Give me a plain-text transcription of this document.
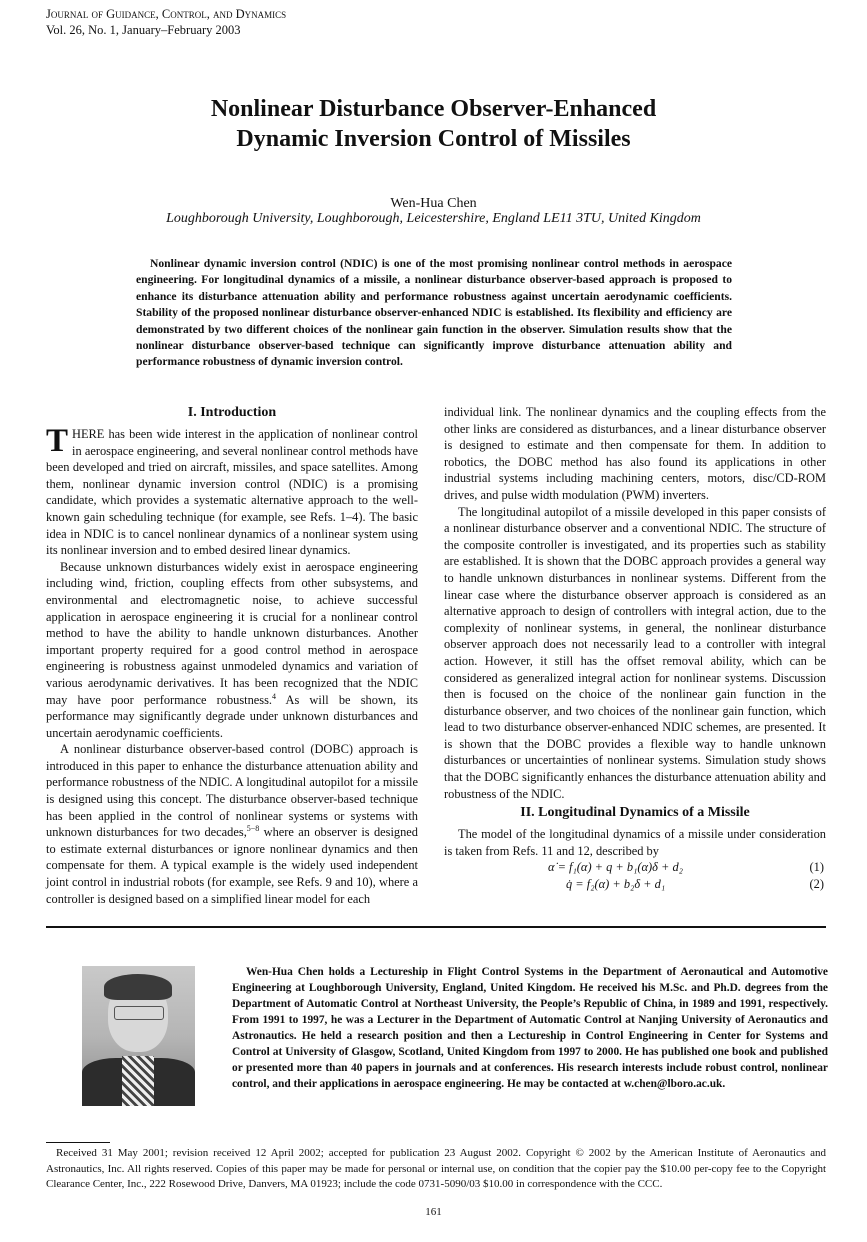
Journal of Guidance, Control, and Dynamics
Vol. 26, No. 1, January–February 2003
Nonlinear Disturbance Observer-Enhanced
Dynamic Inversion Control of Missiles
Wen-Hua Chen
Loughborough University, Loughborough, Leicestershire, England LE11 3TU, United Kingdom
Nonlinear dynamic inversion control (NDIC) is one of the most promising nonlinear control methods in aerospace engineering. For longitudinal dynamics of a missile, a nonlinear disturbance observer-based approach is proposed to enhance its disturbance attenuation ability and performance robustness against uncertain aerodynamic coefficients. Stability of the proposed nonlinear disturbance observer-enhanced NDIC is established. Its flexibility and efficiency are demonstrated by two different choices of the nonlinear gain function in the observer. Simulation results show that the nonlinear disturbance observer-based technique can significantly improve disturbance attenuation ability and performance robustness of dynamic inversion control.
I. Introduction

THERE has been wide interest in the application of nonlinear control in aerospace engineering, and several nonlinear control methods have been developed and tried on aircraft, missiles, and space satellites. Among them, nonlinear dynamic inversion control (NDIC) is a promising candidate, which provides a systematic alternative approach to the well-known gain scheduling technique (for example, see Refs. 1–4). The basic idea in NDIC is to cancel nonlinear dynamics of a nonlinear system using its nonlinear inversion and to embed desired linear dynamics.

Because unknown disturbances widely exist in aerospace engineering including wind, friction, coupling effects from other subsystems, and environmental and electromagnetic noise, to achieve successful application in aerospace engineering it is crucial for a nonlinear control method to have the ability to handle unknown disturbances. Another important property required for a good control method in aerospace engineering is robustness against unmodeled dynamics and variation of various aerodynamic derivatives. It has been recognized that the NDIC may have poor performance robustness.$^4$ As will be shown, its performance may significantly degrade under unknown disturbances and uncertain aerodynamic coefficients.

A nonlinear disturbance observer-based control (DOBC) approach is introduced in this paper to enhance the disturbance attenuation ability and performance robustness of the NDIC. A longitudinal autopilot for a missile is designed using this concept. The disturbance observer-based technique has been applied in the control of nonlinear systems or systems with unknown disturbances for two decades,$^{5-8}$ where an observer is designed to estimate external disturbances or ignore nonlinear dynamics and then compensate for them. A typical example is the widely used independent joint control in industrial robots (for example, see Refs. 9 and 10), where a controller is designed based on a simplified linear model for each

individual link. The nonlinear dynamics and the coupling effects from the other links are considered as disturbances, and a linear disturbance observer is designed to estimate and then compensate for them. In addition to robotics, the DOBC method has also found its applications in other industrial systems including machining centers, motors, disc/CD-ROM drives, and pulse width modulation (PWM) inverters.

The longitudinal autopilot of a missile developed in this paper consists of a nonlinear disturbance observer and a conventional NDIC. The structure of the composite controller is investigated, and its properties such as stability are established. It is shown that the DOBC approach provides a general way to handle unknown disturbances in nonlinear systems. Different from the linear case where the disturbance observer approach is considered as an alternative approach to design of controllers with integral action, due to the complexity of nonlinear systems, in general, the nonlinear disturbance observer approach does not necessarily lead to a controller with integral action. However, it still has the offset removal ability, which can be considered as generalized integral action for nonlinear systems. Discussion then is focused on the choice of the nonlinear gain function in the disturbance observer, and two choices of the nonlinear gain function, which lead to two disturbance observer-enhanced NDIC schemes, are presented. It is shown that the DOBC provides a flexible way to handle unknown disturbances or uncertainties of nonlinear systems. Simulation study shows that the DOBC significantly enhances the disturbance attenuation ability and robustness of the NDIC.

II. Longitudinal Dynamics of a Missile

The model of the longitudinal dynamics of a missile under consideration is taken from Refs. 11 and 12, described by

α̇ = f₁(α) + q + b₁(α)δ + d₂	(1)
q̇ = f₂(α) + b₂δ + d₁	(2)
Wen-Hua Chen holds a Lectureship in Flight Control Systems in the Department of Aeronautical and Automotive Engineering at Loughborough University, England, United Kingdom. He received his M.Sc. and Ph.D. degrees from the Department of Automatic Control at Northeast University, the People’s Republic of China, in 1989 and 1991, respectively. From 1991 to 1997, he was a Lecturer in the Department of Automatic Control at Nanjing University of Aeronautics and Astronautics. He held a research position and then a Lectureship in Control Engineering in Center for Systems and Control at University of Glasgow, Scotland, United Kingdom from 1997 to 2000. He has published one book and published or presented more than 40 papers in journals and at conferences. His research interests include robust control, nonlinear control, and their applications in aerospace engineering. He may be contacted at w.chen@lboro.ac.uk.
Received 31 May 2001; revision received 12 April 2002; accepted for publication 23 August 2002. Copyright © 2002 by the American Institute of Aeronautics and Astronautics, Inc. All rights reserved. Copies of this paper may be made for personal or internal use, on condition that the copier pay the $10.00 per-copy fee to the Copyright Clearance Center, Inc., 222 Rosewood Drive, Danvers, MA 01923; include the code 0731-5090/03 $10.00 in correspondence with the CCC.
161
